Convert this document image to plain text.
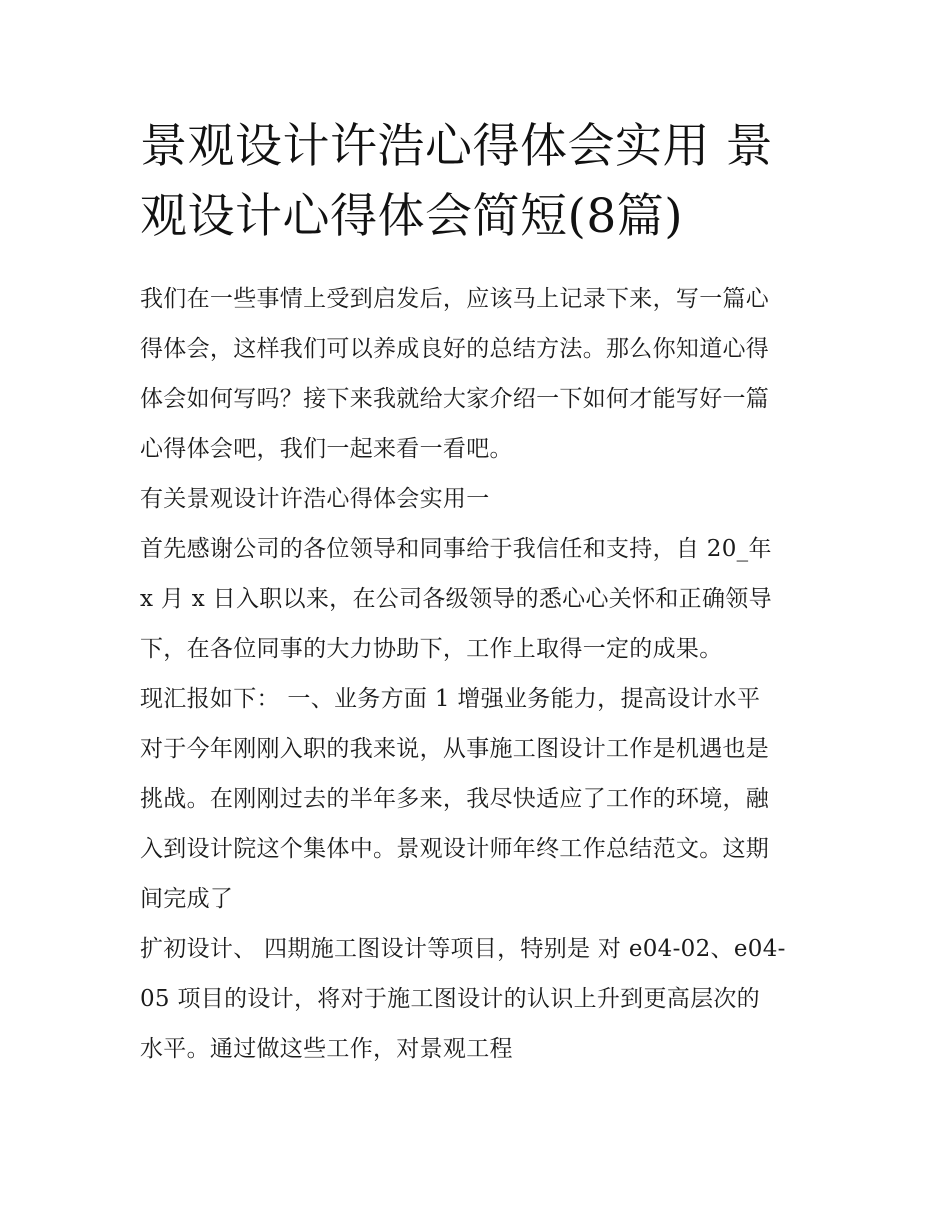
景观设计许浩心得体会实用 景
观设计心得体会简短(8篇)

我们在一些事情上受到启发后，应该马上记录下来，写一篇心
得体会，这样我们可以养成良好的总结方法。那么你知道心得
体会如何写吗？接下来我就给大家介绍一下如何才能写好一篇
心得体会吧，我们一起来看一看吧。

有关景观设计许浩心得体会实用一

首先感谢公司的各位领导和同事给于我信任和支持，自 20_年
x 月 x 日入职以来，在公司各级领导的悉心心关怀和正确领导
下，在各位同事的大力协助下，工作上取得一定的成果。

现汇报如下： 一、业务方面 1 增强业务能力，提高设计水平

对于今年刚刚入职的我来说，从事施工图设计工作是机遇也是
挑战。在刚刚过去的半年多来，我尽快适应了工作的环境，融
入到设计院这个集体中。景观设计师年终工作总结范文。这期
间完成了

扩初设计、 四期施工图设计等项目，特别是 对 e04-02、e04-
05 项目的设计，将对于施工图设计的认识上升到更高层次的
水平。通过做这些工作，对景观工程
